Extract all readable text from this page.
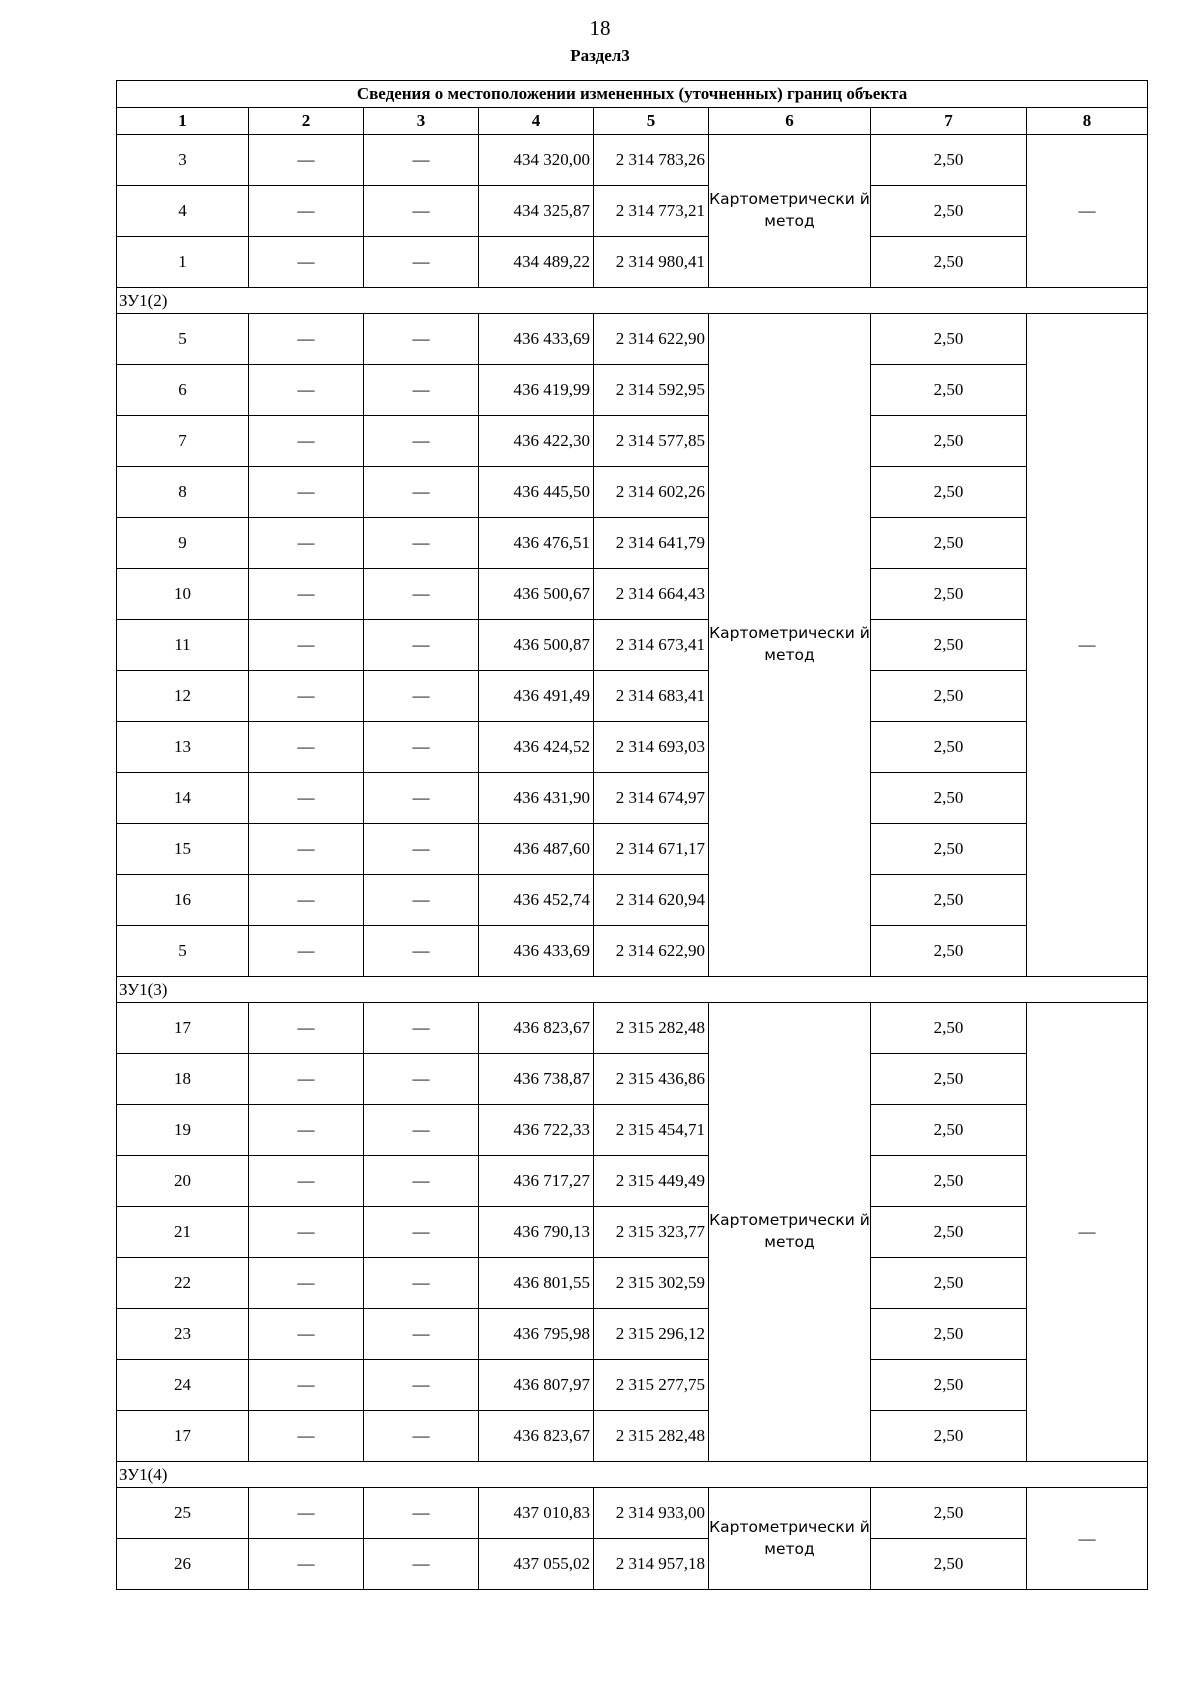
18
Раздел3
Сведения о местоположении измененных (уточненных) границ объекта							
1	2	3	4	5	6	7	8
3	—	—	434 320,00	2 314 783,26	Картометрически й метод	2,50	—
4	—	—	434 325,87	2 314 773,21		2,50	
1	—	—	434 489,22	2 314 980,41		2,50	
ЗУ1(2)							
5	—	—	436 433,69	2 314 622,90	Картометрически й метод	2,50	—
6	—	—	436 419,99	2 314 592,95		2,50	
7	—	—	436 422,30	2 314 577,85		2,50	
8	—	—	436 445,50	2 314 602,26		2,50	
9	—	—	436 476,51	2 314 641,79		2,50	
10	—	—	436 500,67	2 314 664,43		2,50	
11	—	—	436 500,87	2 314 673,41		2,50	
12	—	—	436 491,49	2 314 683,41		2,50	
13	—	—	436 424,52	2 314 693,03		2,50	
14	—	—	436 431,90	2 314 674,97		2,50	
15	—	—	436 487,60	2 314 671,17		2,50	
16	—	—	436 452,74	2 314 620,94		2,50	
5	—	—	436 433,69	2 314 622,90		2,50	
ЗУ1(3)							
17	—	—	436 823,67	2 315 282,48	Картометрически й метод	2,50	—
18	—	—	436 738,87	2 315 436,86		2,50	
19	—	—	436 722,33	2 315 454,71		2,50	
20	—	—	436 717,27	2 315 449,49		2,50	
21	—	—	436 790,13	2 315 323,77		2,50	
22	—	—	436 801,55	2 315 302,59		2,50	
23	—	—	436 795,98	2 315 296,12		2,50	
24	—	—	436 807,97	2 315 277,75		2,50	
17	—	—	436 823,67	2 315 282,48		2,50	
ЗУ1(4)							
25	—	—	437 010,83	2 314 933,00	Картометрически й метод	2,50	—
26	—	—	437 055,02	2 314 957,18		2,50	
